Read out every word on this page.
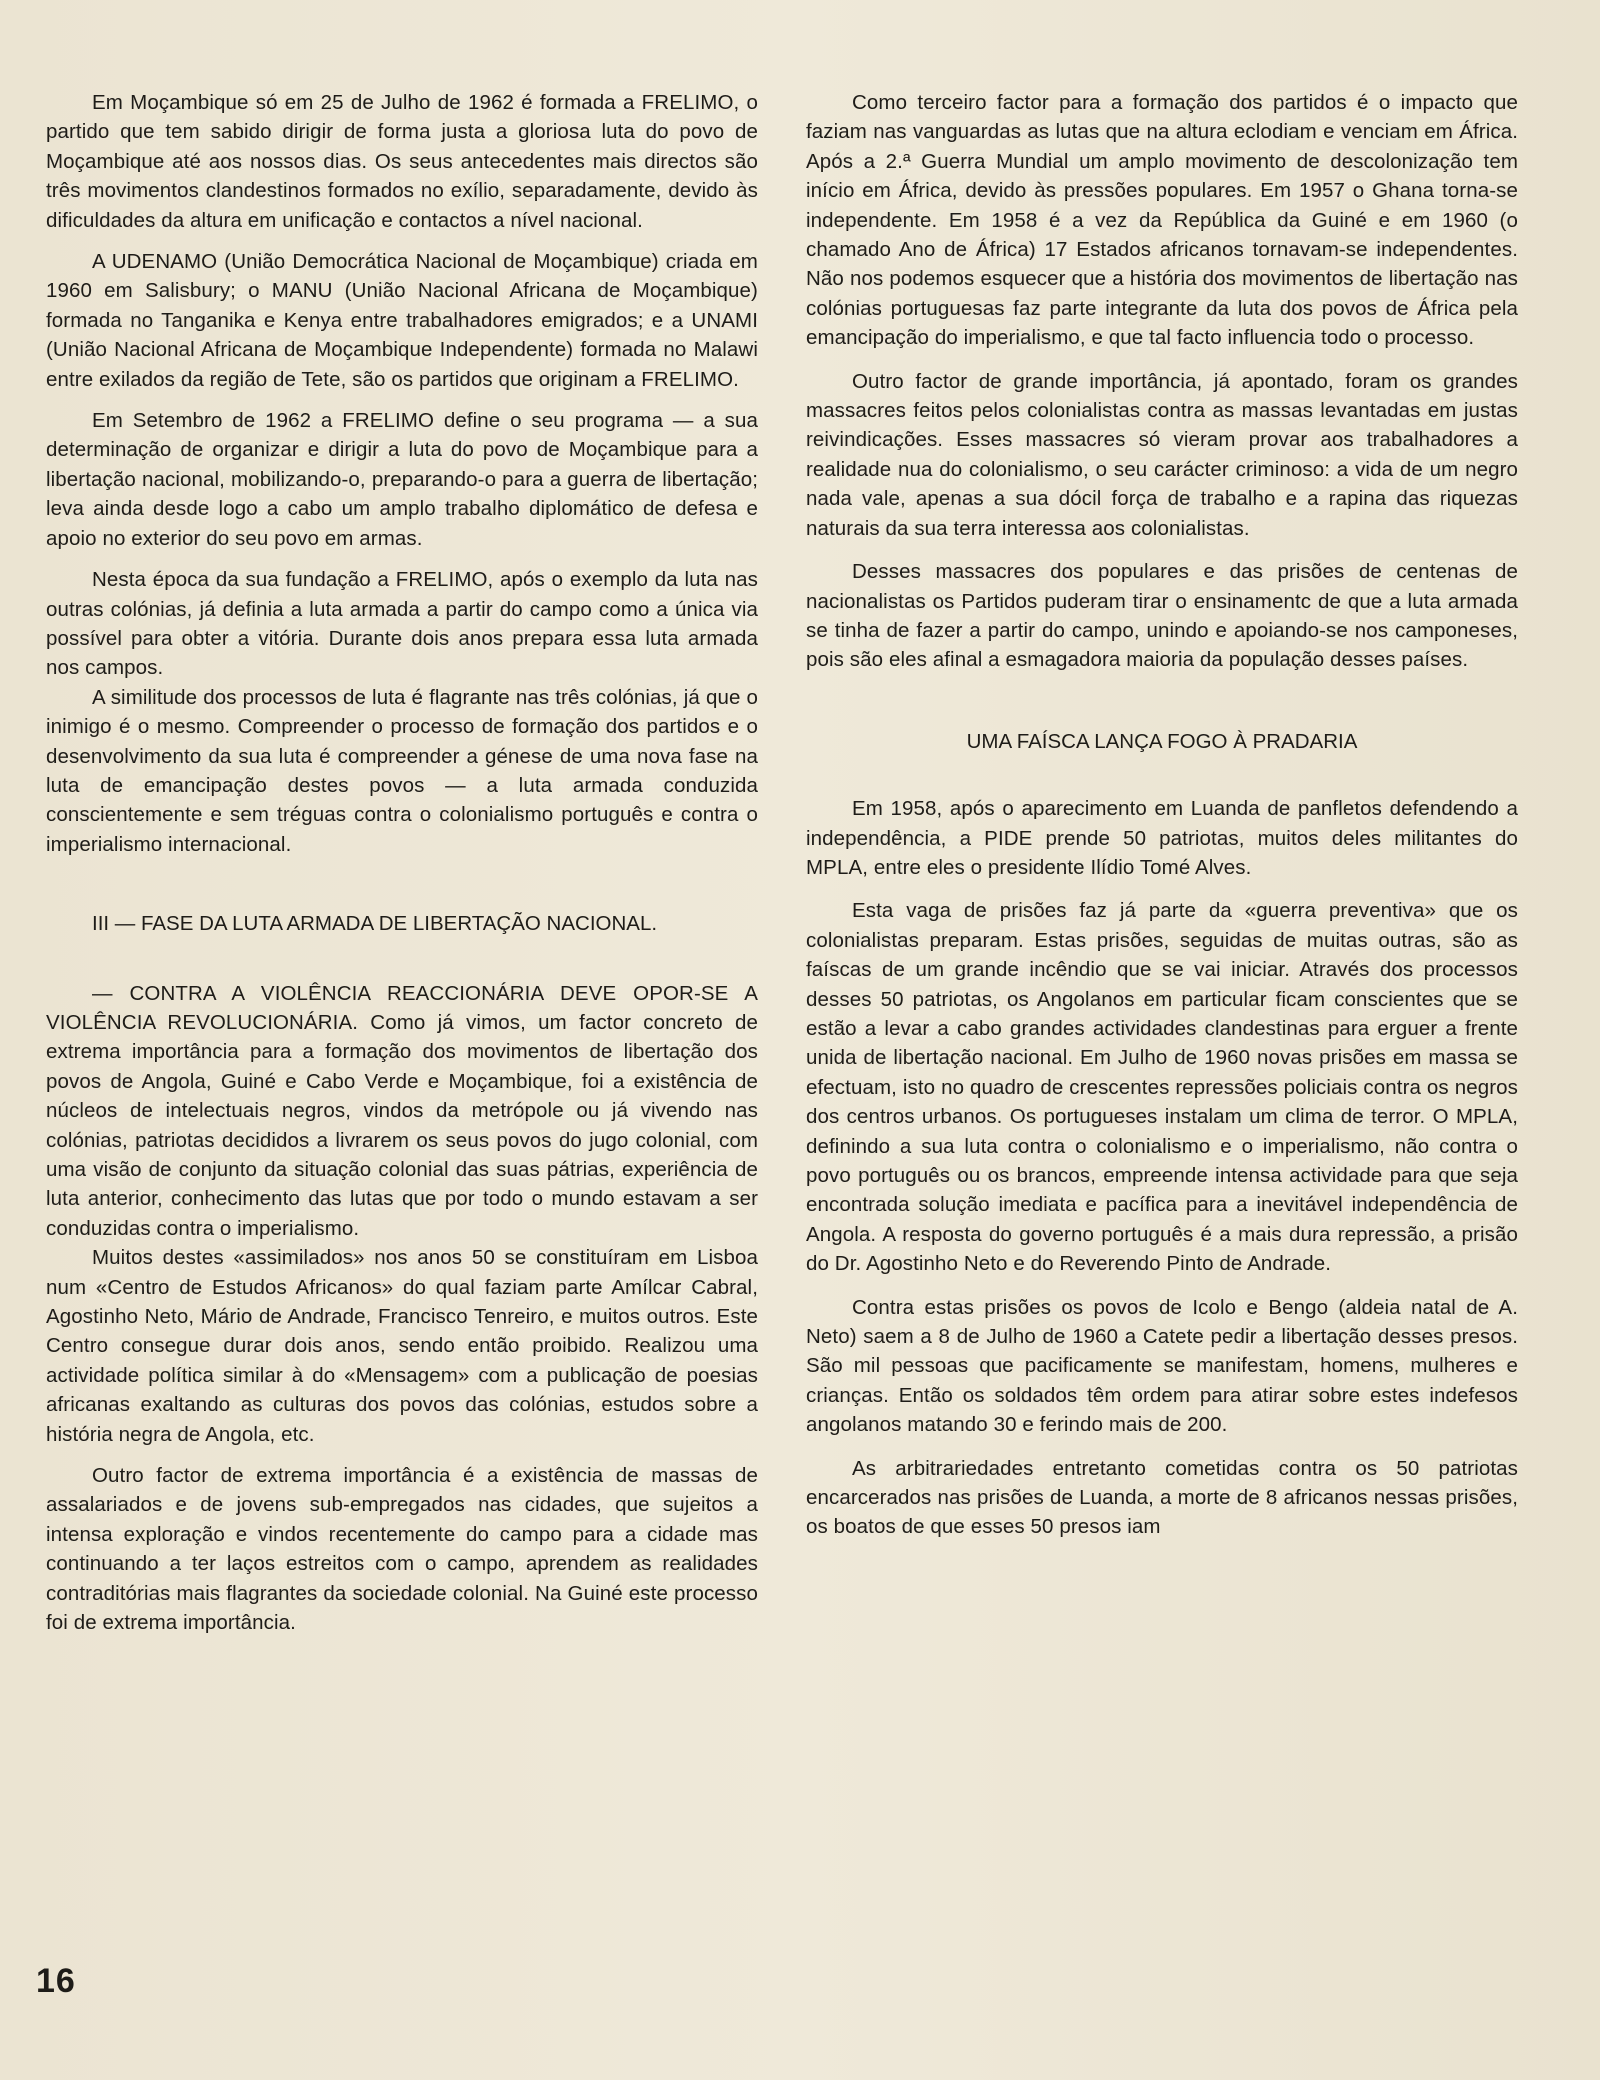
Em Moçambique só em 25 de Julho de 1962 é formada a FRELIMO, o partido que tem sabido dirigir de forma justa a gloriosa luta do povo de Moçambique até aos nossos dias. Os seus antecedentes mais directos são três movimentos clandestinos formados no exílio, separadamente, devido às dificuldades da altura em unificação e contactos a nível nacional.

A UDENAMO (União Democrática Nacional de Moçambique) criada em 1960 em Salisbury; o MANU (União Nacional Africana de Moçambique) formada no Tanganika e Kenya entre trabalhadores emigrados; e a UNAMI (União Nacional Africana de Moçambique Independente) formada no Malawi entre exilados da região de Tete, são os partidos que originam a FRELIMO.

Em Setembro de 1962 a FRELIMO define o seu programa — a sua determinação de organizar e dirigir a luta do povo de Moçambique para a libertação nacional, mobilizando-o, preparando-o para a guerra de libertação; leva ainda desde logo a cabo um amplo trabalho diplomático de defesa e apoio no exterior do seu povo em armas.

Nesta época da sua fundação a FRELIMO, após o exemplo da luta nas outras colónias, já definia a luta armada a partir do campo como a única via possível para obter a vitória. Durante dois anos prepara essa luta armada nos campos.

A similitude dos processos de luta é flagrante nas três colónias, já que o inimigo é o mesmo. Compreender o processo de formação dos partidos e o desenvolvimento da sua luta é compreender a génese de uma nova fase na luta de emancipação destes povos — a luta armada conduzida conscientemente e sem tréguas contra o colonialismo português e contra o imperialismo internacional.

III — FASE DA LUTA ARMADA DE LIBERTAÇÃO NACIONAL.

— CONTRA A VIOLÊNCIA REACCIONÁRIA DEVE OPOR-SE A VIOLÊNCIA REVOLUCIONÁRIA. Como já vimos, um factor concreto de extrema importância para a formação dos movimentos de libertação dos povos de Angola, Guiné e Cabo Verde e Moçambique, foi a existência de núcleos de intelectuais negros, vindos da metrópole ou já vivendo nas colónias, patriotas decididos a livrarem os seus povos do jugo colonial, com uma visão de conjunto da situação colonial das suas pátrias, experiência de luta anterior, conhecimento das lutas que por todo o mundo estavam a ser conduzidas contra o imperialismo.

Muitos destes «assimilados» nos anos 50 se constituíram em Lisboa num «Centro de Estudos Africanos» do qual faziam parte Amílcar Cabral, Agostinho Neto, Mário de Andrade, Francisco Tenreiro, e muitos outros. Este Centro consegue durar dois anos, sendo então proibido. Realizou uma actividade política similar à do «Mensagem» com a publicação de poesias africanas exaltando as culturas dos povos das colónias, estudos sobre a história negra de Angola, etc.

Outro factor de extrema importância é a existência de massas de assalariados e de jovens sub-empregados nas cidades, que sujeitos a intensa exploração e vindos recentemente do campo para a cidade mas continuando a ter laços estreitos com o campo, aprendem as realidades contraditórias mais flagrantes da sociedade colonial. Na Guiné este processo foi de extrema importância.

Como terceiro factor para a formação dos partidos é o impacto que faziam nas vanguardas as lutas que na altura eclodiam e venciam em África. Após a 2.ª Guerra Mundial um amplo movimento de descolonização tem início em África, devido às pressões populares. Em 1957 o Ghana torna-se independente. Em 1958 é a vez da República da Guiné e em 1960 (o chamado Ano de África) 17 Estados africanos tornavam-se independentes. Não nos podemos esquecer que a história dos movimentos de libertação nas colónias portuguesas faz parte integrante da luta dos povos de África pela emancipação do imperialismo, e que tal facto influencia todo o processo.

Outro factor de grande importância, já apontado, foram os grandes massacres feitos pelos colonialistas contra as massas levantadas em justas reivindicações. Esses massacres só vieram provar aos trabalhadores a realidade nua do colonialismo, o seu carácter criminoso: a vida de um negro nada vale, apenas a sua dócil força de trabalho e a rapina das riquezas naturais da sua terra interessa aos colonialistas.

Desses massacres dos populares e das prisões de centenas de nacionalistas os Partidos puderam tirar o ensinamentc de que a luta armada se tinha de fazer a partir do campo, unindo e apoiando-se nos camponeses, pois são eles afinal a esmagadora maioria da população desses países.

UMA FAÍSCA LANÇA FOGO À PRADARIA

Em 1958, após o aparecimento em Luanda de panfletos defendendo a independência, a PIDE prende 50 patriotas, muitos deles militantes do MPLA, entre eles o presidente Ilídio Tomé Alves.

Esta vaga de prisões faz já parte da «guerra preventiva» que os colonialistas preparam. Estas prisões, seguidas de muitas outras, são as faíscas de um grande incêndio que se vai iniciar. Através dos processos desses 50 patriotas, os Angolanos em particular ficam conscientes que se estão a levar a cabo grandes actividades clandestinas para erguer a frente unida de libertação nacional. Em Julho de 1960 novas prisões em massa se efectuam, isto no quadro de crescentes repressões policiais contra os negros dos centros urbanos. Os portugueses instalam um clima de terror. O MPLA, definindo a sua luta contra o colonialismo e o imperialismo, não contra o povo português ou os brancos, empreende intensa actividade para que seja encontrada solução imediata e pacífica para a inevitável independência de Angola. A resposta do governo português é a mais dura repressão, a prisão do Dr. Agostinho Neto e do Reverendo Pinto de Andrade.

Contra estas prisões os povos de Icolo e Bengo (aldeia natal de A. Neto) saem a 8 de Julho de 1960 a Catete pedir a libertação desses presos. São mil pessoas que pacificamente se manifestam, homens, mulheres e crianças. Então os soldados têm ordem para atirar sobre estes indefesos angolanos matando 30 e ferindo mais de 200.

As arbitrariedades entretanto cometidas contra os 50 patriotas encarcerados nas prisões de Luanda, a morte de 8 africanos nessas prisões, os boatos de que esses 50 presos iam

16
